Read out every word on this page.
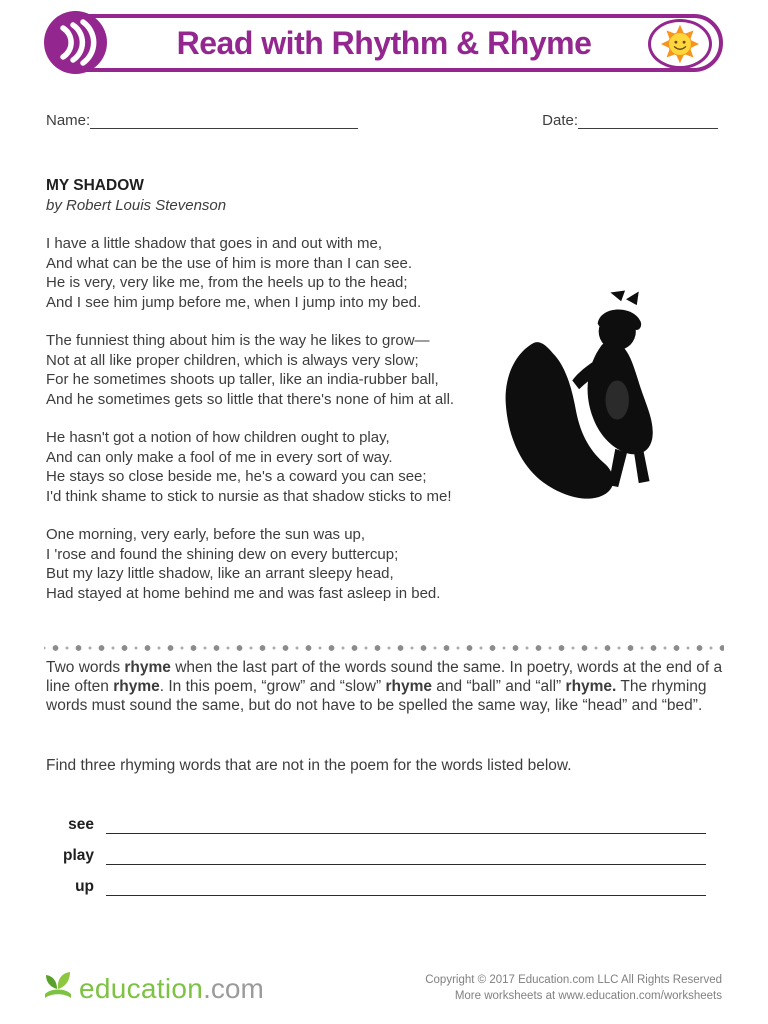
Read with Rhythm & Rhyme
Name:	Date:
MY SHADOW
by Robert Louis Stevenson

I have a little shadow that goes in and out with me,
And what can be the use of him is more than I can see.
He is very, very like me, from the heels up to the head;
And I see him jump before me, when I jump into my bed.

The funniest thing about him is the way he likes to grow—
Not at all like proper children, which is always very slow;
For he sometimes shoots up taller, like an india-rubber ball,
And he sometimes gets so little that there's none of him at all.

He hasn't got a notion of how children ought to play,
And can only make a fool of me in every sort of way.
He stays so close beside me, he's a coward you can see;
I'd think shame to stick to nursie as that shadow sticks to me!

One morning, very early, before the sun was up,
I 'rose and found the shining dew on every buttercup;
But my lazy little shadow, like an arrant sleepy head,
Had stayed at home behind me and was fast asleep in bed.

Two words rhyme when the last part of the words sound the same. In poetry, words at the end of a line often rhyme. In this poem, “grow” and “slow” rhyme and “ball” and “all” rhyme. The rhyming words must sound the same, but do not have to be spelled the same way, like “head” and “bed”.

Find three rhyming words that are not in the poem for the words listed below.

see
play
up
education .com	Copyright © 2017 Education.com LLC All Rights Reserved
More worksheets at www.education.com/worksheets
